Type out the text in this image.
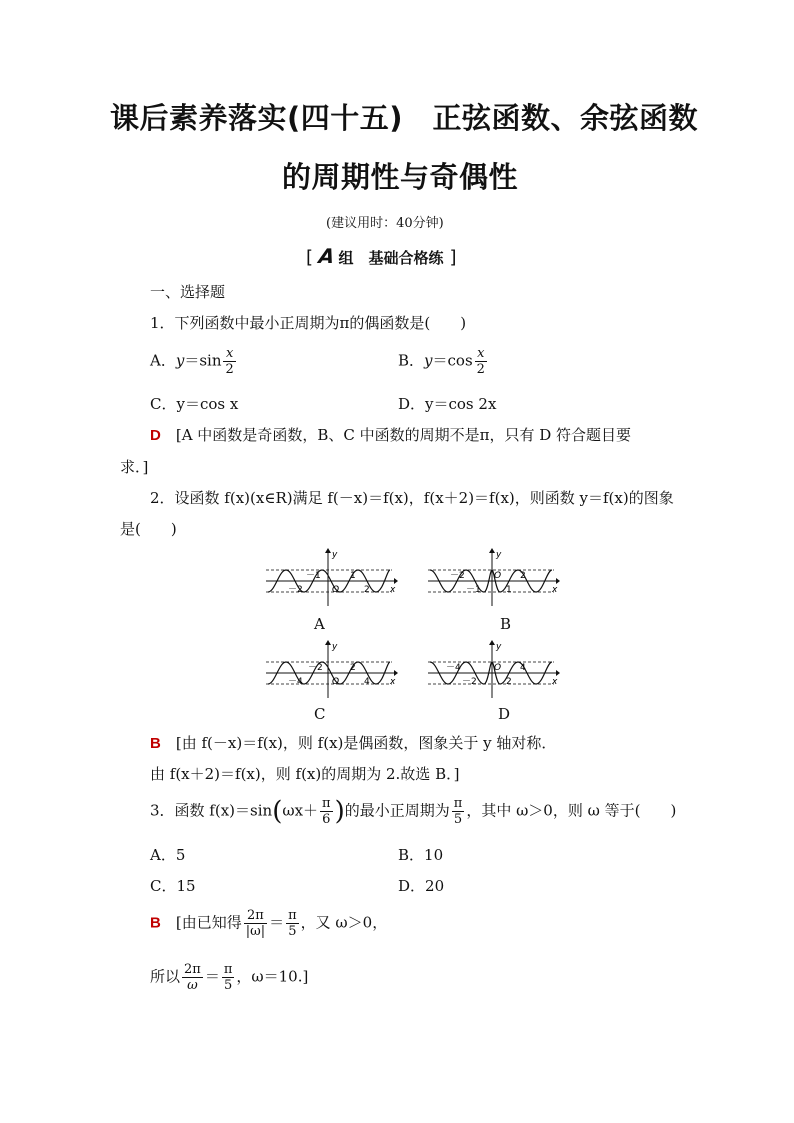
课后素养落实(四十五)　正弦函数、余弦函数
的周期性与奇偶性
(建议用时：40分钟)
[ A 组　基础合格练 ]
一、选择题
1．下列函数中最小正周期为π的偶函数是(　　)
A．$y=\sin \frac{x}{2}$	B．$y=\cos \frac{x}{2}$
C．y＝cos x	D．y＝cos 2x
D　 [A 中函数是奇函数，B、C 中函数的周期不是π，只有 D 符合题目要
求．]
2．设函数 f(x)(x∈R)满足 f(－x)＝f(x)，f(x＋2)＝f(x)，则函数 y＝f(x)的图象
是(　　)
－1	1
－2	O	2 x
y
A
－2	O 2
－1	1	x
y
B
－2	2
－4	O	4 x
y
C
－4	O 4
－2	2	x
y
D
B　 [由 f(－x)＝f(x)，则 f(x)是偶函数，图象关于 y 轴对称．
由 f(x＋2)＝f(x)，则 f(x)的周期为 2.故选 B．]
3．函数 $f(x)=\sin(\omega x+ \frac{\pi}{6}$ )的最小正周期为 $\frac{\pi}{5}$ ，其中 ω＞0，则 ω 等于(　　)
A．5	B．10
C．15	D．20
B　 [由已知得 $\frac{2\pi}{|\omega|} = \frac{\pi}{5}$ ，又 ω＞0，
所以 $\frac{2\pi}{\omega} = \frac{\pi}{5}$ ，ω＝10.]
